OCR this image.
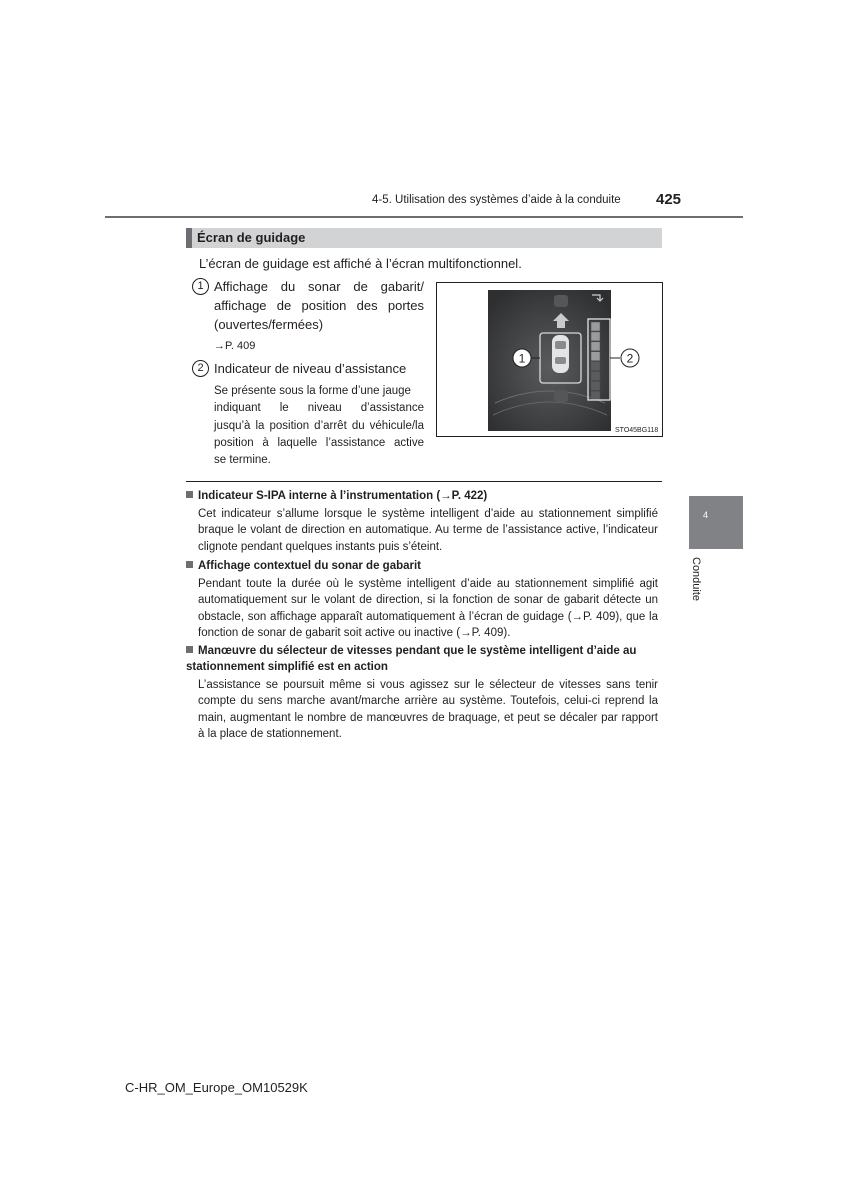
4-5. Utilisation des systèmes d’aide à la conduite 425
Écran de guidage
L’écran de guidage est affiché à l’écran multifonctionnel.
1 Affichage du sonar de gabarit/
affichage de position des portes
(ouvertes/fermées)
→P. 409
2 Indicateur de niveau d’assistance
Se présente sous la forme d’une jauge
indiquant le niveau d’assistance
jusqu’à la position d’arrêt du véhicule/la
position à laquelle l’assistance active
se termine.
1	2
STO45BG118
Indicateur S-IPA interne à l’instrumentation (→P. 422)
Cet indicateur s’allume lorsque le système intelligent d’aide au stationnement simplifié braque le volant de direction en automatique. Au terme de l’assistance active, l’indicateur clignote pendant quelques instants puis s’éteint.
Affichage contextuel du sonar de gabarit
Pendant toute la durée où le système intelligent d’aide au stationnement simplifié agit automatiquement sur le volant de direction, si la fonction de sonar de gabarit détecte un obstacle, son affichage apparaît automatiquement à l’écran de guidage (→P. 409), que la fonction de sonar de gabarit soit active ou inactive (→P. 409).
Manœuvre du sélecteur de vitesses pendant que le système intelligent d’aide au stationnement simplifié est en action
L’assistance se poursuit même si vous agissez sur le sélecteur de vitesses sans tenir compte du sens marche avant/marche arrière au système. Toutefois, celui-ci reprend la main, augmentant le nombre de manœuvres de braquage, et peut se décaler par rapport à la place de stationnement.
4
Conduite
C-HR_OM_Europe_OM10529K
